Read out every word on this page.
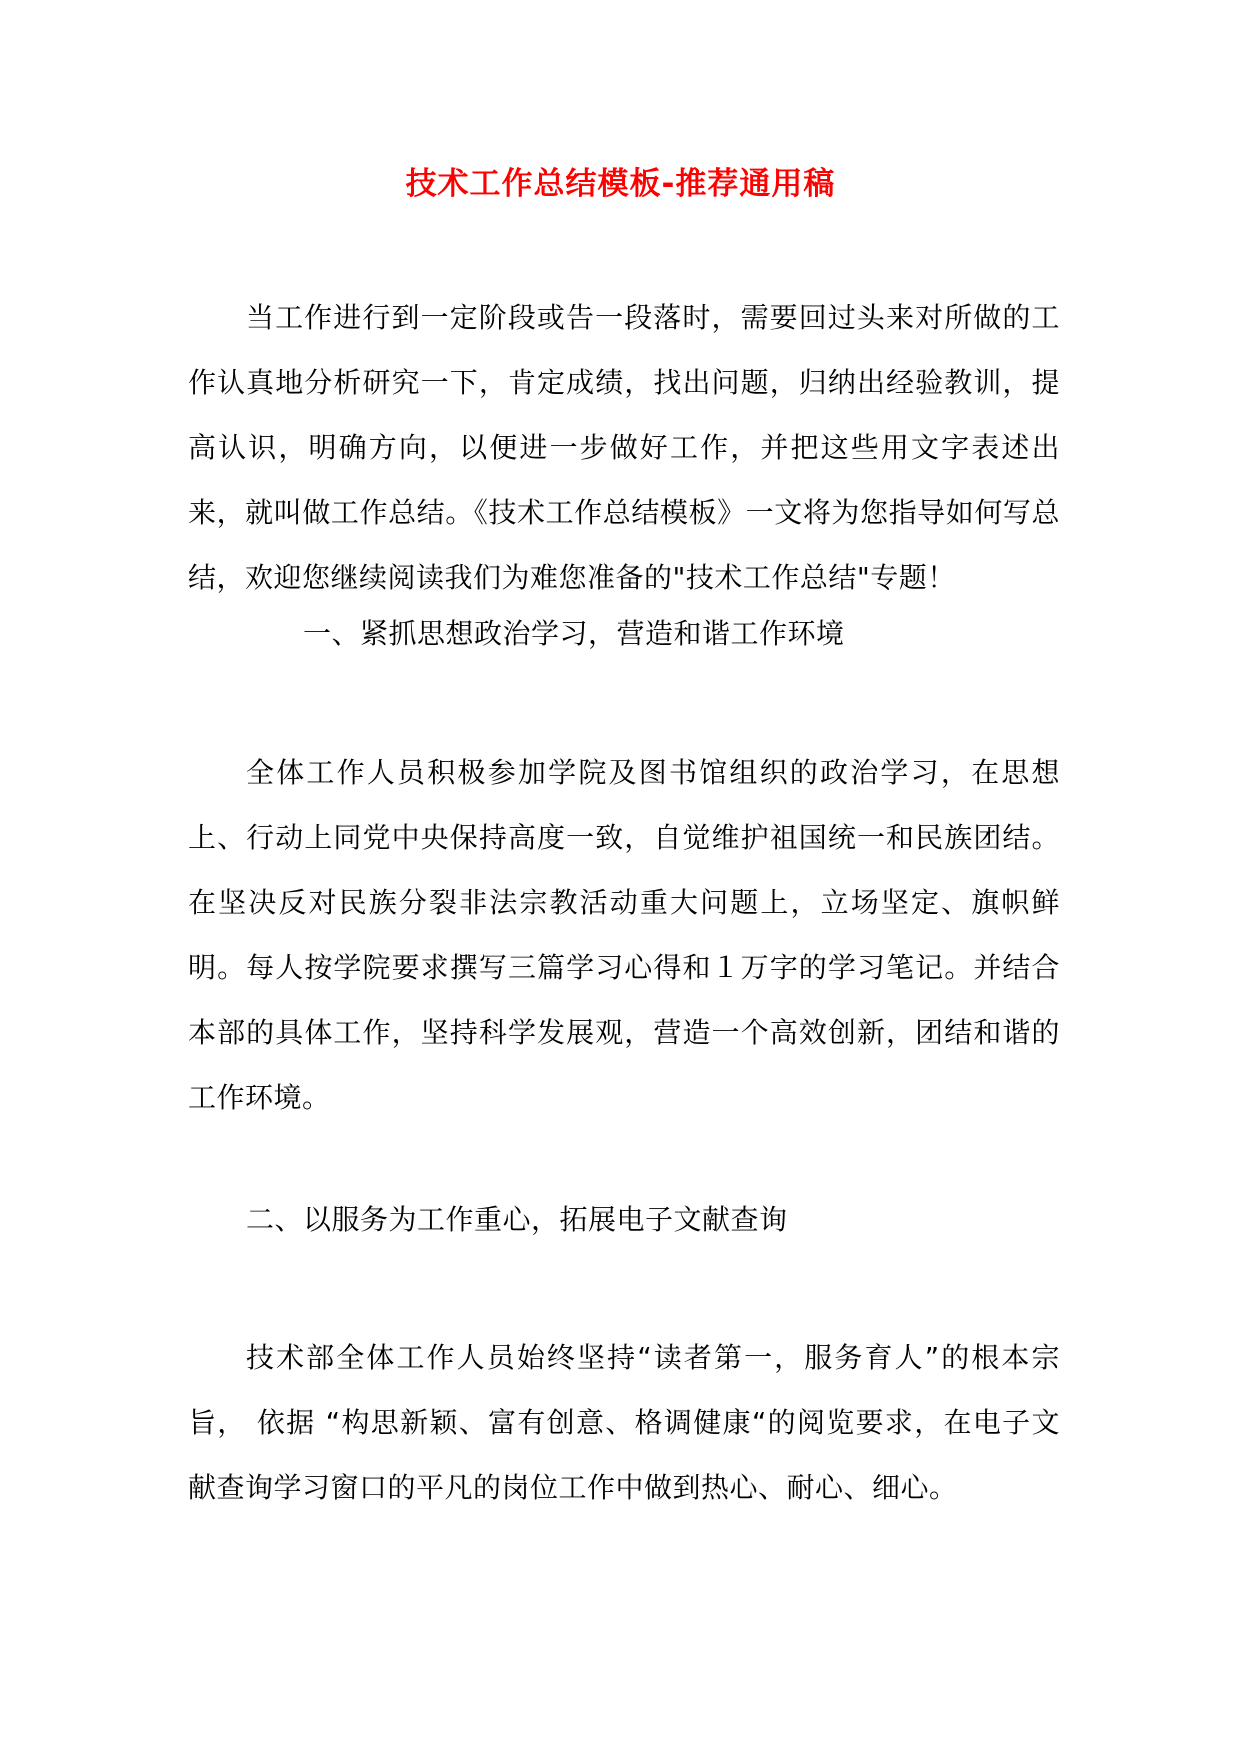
技术工作总结模板-推荐通用稿

当工作进行到一定阶段或告一段落时，需要回过头来对所做的工作认真地分析研究一下，肯定成绩，找出问题，归纳出经验教训，提高认识，明确方向，以便进一步做好工作，并把这些用文字表述出来，就叫做工作总结。《技术工作总结模板》一文将为您指导如何写总结，欢迎您继续阅读我们为难您准备的"技术工作总结"专题！

一、紧抓思想政治学习，营造和谐工作环境

全体工作人员积极参加学院及图书馆组织的政治学习，在思想上、行动上同党中央保持高度一致，自觉维护祖国统一和民族团结。在坚决反对民族分裂非法宗教活动重大问题上，立场坚定、旗帜鲜明。每人按学院要求撰写三篇学习心得和１万字的学习笔记。并结合本部的具体工作，坚持科学发展观，营造一个高效创新，团结和谐的工作环境。

二、以服务为工作重心，拓展电子文献查询

技术部全体工作人员始终坚持“读者第一，服务育人”的根本宗旨， 依据 “构思新颖、富有创意、格调健康“的阅览要求，在电子文献查询学习窗口的平凡的岗位工作中做到热心、耐心、细心。
